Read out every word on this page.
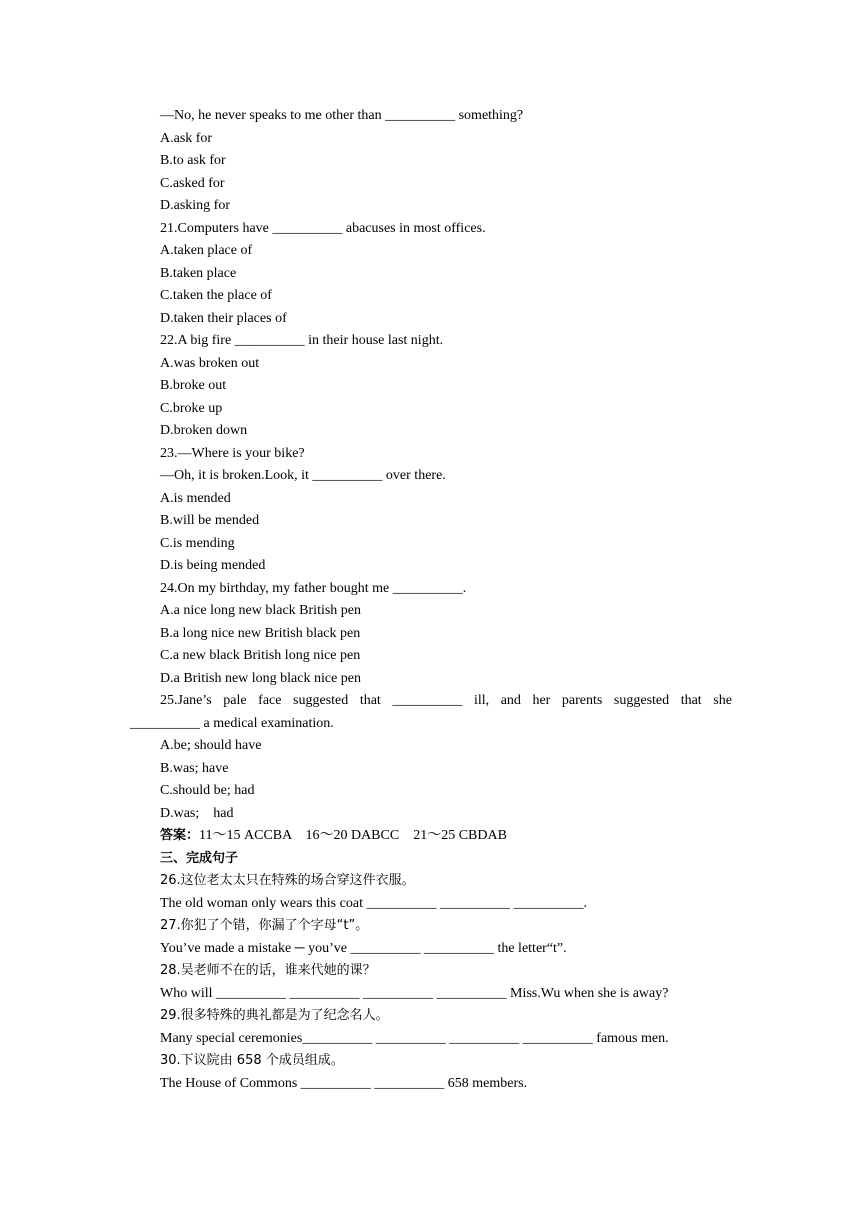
—No, he never speaks to me other than __________ something?
A.ask for
B.to ask for
C.asked for
D.asking for
21.Computers have __________ abacuses in most offices.
A.taken place of
B.taken place
C.taken the place of
D.taken their places of
22.A big fire __________ in their house last night.
A.was broken out
B.broke out
C.broke up
D.broken down
23.—Where is your bike?
—Oh, it is broken.Look, it __________ over there.
A.is mended
B.will be mended
C.is mending
D.is being mended
24.On my birthday, my father bought me __________.
A.a nice long new black British pen
B.a long nice new British black pen
C.a new black British long nice pen
D.a British new long black nice pen
25.Jane’s pale face suggested that __________ ill, and her parents suggested that she
__________ a medical examination.
A.be; should have
B.was; have
C.should be; had
D.was;    had
答案：11～15 ACCBA    16～20 DABCC    21～25 CBDAB
三、完成句子
26.这位老太太只在特殊的场合穿这件衣服。
The old woman only wears this coat __________ __________ __________.
27.你犯了个错，你漏了个字母“t”。
You’ve made a mistake ─ you’ve __________ __________ the letter“t”.
28.吴老师不在的话，谁来代她的课？
Who will __________ __________ __________ __________ Miss.Wu when she is away?
29.很多特殊的典礼都是为了纪念名人。
Many special ceremonies__________ __________ __________ __________ famous men.
30.下议院由 658 个成员组成。
The House of Commons __________ __________ 658 members.
